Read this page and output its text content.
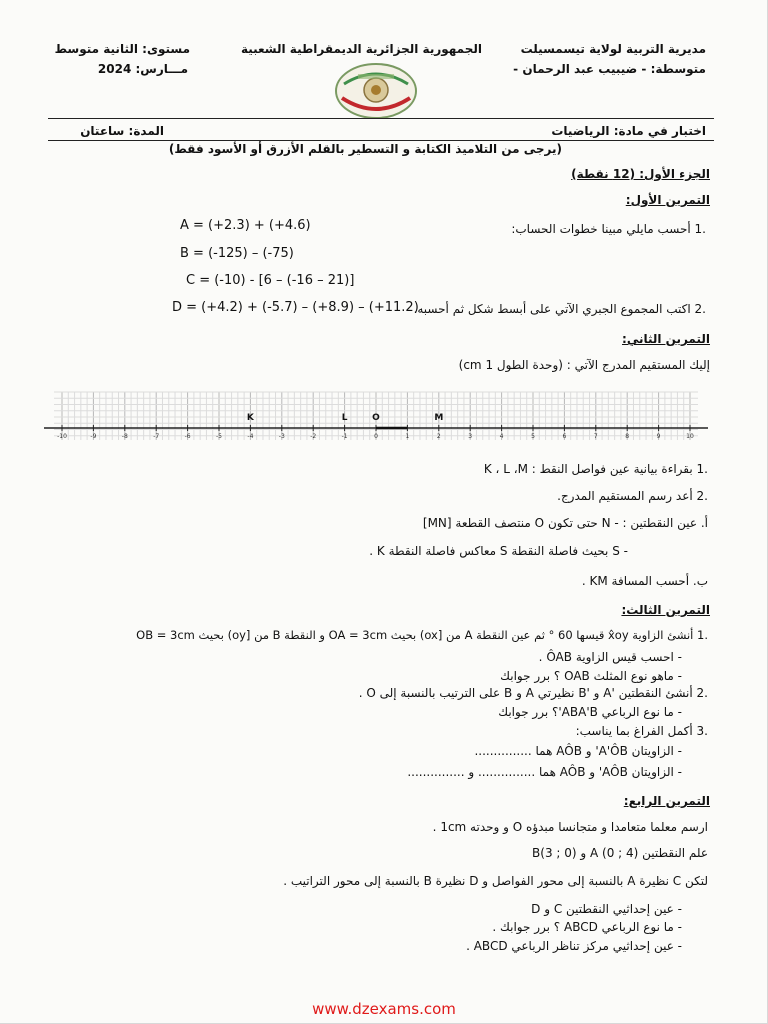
مديرية التربية لولاية تيسمسيلت
متوسطة: - ضيبيب عبد الرحمان -
الجمهورية الجزائرية الديمقراطية الشعبية
مستوى: الثانية متوسط
مـــارس: 2024
اختبار في مادة: الرياضيات
المدة: ساعتان
(يرجى من التلاميذ الكتابة و التسطير بالقلم الأزرق أو الأسود فقط)
الجزء الأول: (12 نقطة)
التمرين الأول:
.1 أحسب مايلي مبينا خطوات الحساب:
A = (+2.3) + (+4.6)
B = (-125) – (-75)
C = (-10) - [6 – (-16 – 21)]
.2 اكتب المجموع الجبري الآتي على أبسط شكل ثم أحسبه.
D = (+4.2) + (-5.7) – (+8.9) – (+11.2)
التمرين الثاني:
إليك المستقيم المدرج الآتي : (وحدة الطول 1 cm)
-10	-9	-8	-7	-6	-5	-4	-3	-2	-1	0	1	2	3	4	5	6	7	8	9	10
K	L	O	M
.1 بقراءة بيانية عين فواصل النقط : K ، L ،M
.2 أعد رسم المستقيم المدرج.
أ. عين النقطتين : - N حتى تكون O منتصف القطعة [MN]
- S بحيث فاصلة النقطة S معاكس فاصلة النقطة K .
ب. أحسب المسافة KM .
التمرين الثالث:
.1 أنشئ الزاوية x̂oy قيسها 60 ° ثم عين النقطة A من [ox) بحيث OA = 3cm و النقطة B من [oy) بحيث OB = 3cm
- احسب قيس الزاوية ÔAB .
- ماهو نوع المثلث OAB ؟ برر جوابك
.2 أنشئ النقطتين 'A و 'B نظيرتي A و B على الترتيب بالنسبة إلى O .
- ما نوع الرباعي ABA'B'؟ برر جوابك
.3 أكمل الفراغ بما يناسب:
- الزاويتان A'ÔB' و AÔB هما ...............
- الزاويتان AÔB' و AÔB هما ............... و ...............
التمرين الرابع:
ارسم معلما متعامدا و متجانسا مبدؤه O و وحدته 1cm .
علم النقطتين A (0 ; 4) و B(3 ; 0)
لتكن C نظيرة A بالنسبة إلى محور الفواصل و D نظيرة B بالنسبة إلى محور التراتيب .
- عين إحداثيي النقطتين C و D
- ما نوع الرباعي ABCD ؟ برر جوابك .
- عين إحداثيي مركز تناظر الرباعي ABCD .
www.dzexams.com
